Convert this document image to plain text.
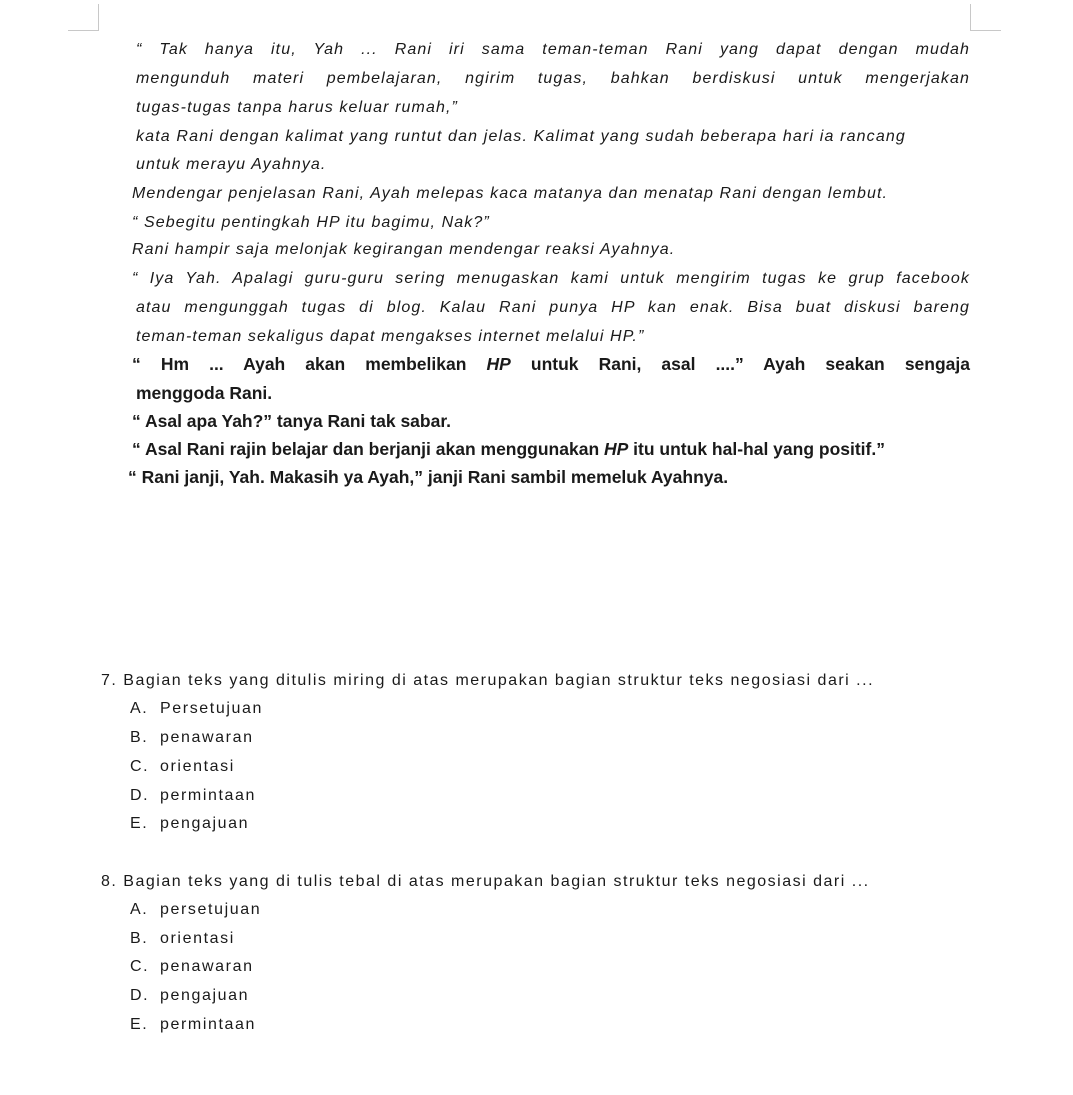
“ Tak hanya itu, Yah ... Rani iri sama teman-teman Rani yang dapat dengan mudah
mengunduh materi pembelajaran, ngirim tugas, bahkan berdiskusi untuk mengerjakan
tugas-tugas tanpa harus keluar rumah,”
kata Rani dengan kalimat yang runtut dan jelas. Kalimat yang sudah beberapa hari ia rancang
untuk merayu Ayahnya.
Mendengar penjelasan Rani, Ayah melepas kaca matanya dan menatap Rani dengan lembut.
“ Sebegitu pentingkah HP itu bagimu, Nak?”
Rani hampir saja melonjak kegirangan mendengar reaksi Ayahnya.
“ Iya Yah. Apalagi guru-guru sering menugaskan kami untuk mengirim tugas ke grup facebook
atau mengunggah tugas di blog. Kalau Rani punya HP kan enak. Bisa buat diskusi bareng
teman-teman sekaligus dapat mengakses internet melalui HP.”
“ Hm ... Ayah akan membelikan HP untuk Rani, asal ....” Ayah seakan sengaja
menggoda Rani.
“ Asal apa Yah?” tanya Rani tak sabar.
“ Asal Rani rajin belajar dan berjanji akan menggunakan HP itu untuk hal-hal yang positif.”
“ Rani janji, Yah. Makasih ya Ayah,” janji Rani sambil memeluk Ayahnya.
7. Bagian teks yang ditulis miring di atas merupakan bagian struktur teks negosiasi dari ...
A. Persetujuan
B. penawaran
C. orientasi
D. permintaan
E. pengajuan
8. Bagian teks yang di tulis tebal di atas merupakan bagian struktur teks negosiasi dari ...
A. persetujuan
B. orientasi
C. penawaran
D. pengajuan
E. permintaan
